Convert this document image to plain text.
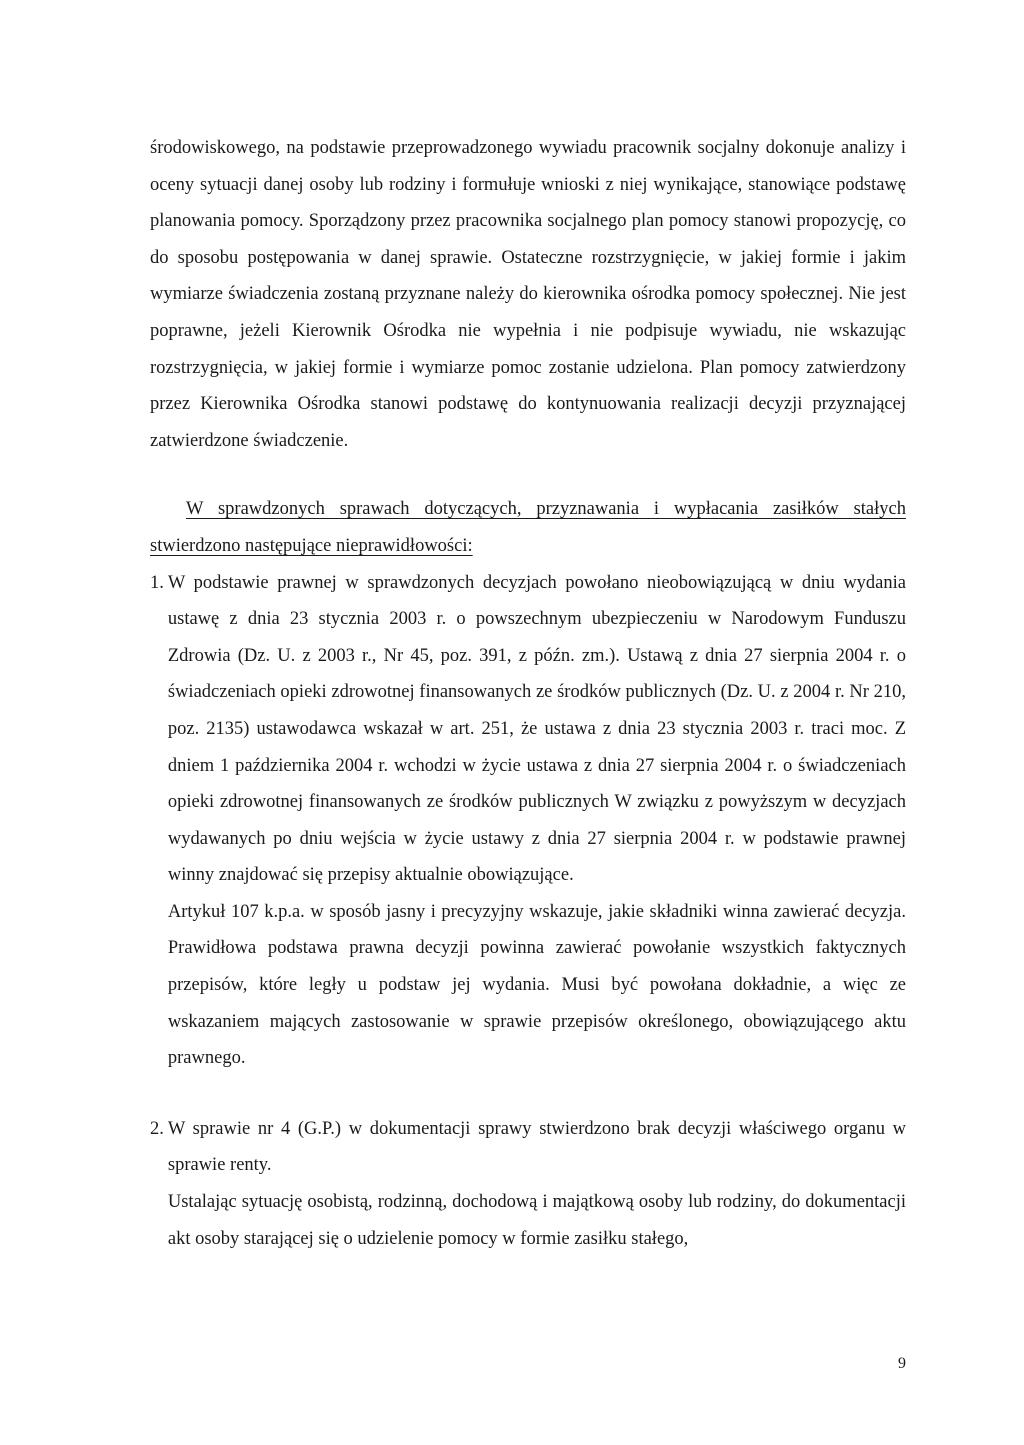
środowiskowego, na podstawie przeprowadzonego wywiadu pracownik socjalny dokonuje analizy i oceny sytuacji danej osoby lub rodziny i formułuje wnioski z niej wynikające, stanowiące podstawę planowania pomocy. Sporządzony przez pracownika socjalnego plan pomocy stanowi propozycję, co do sposobu postępowania w danej sprawie. Ostateczne rozstrzygnięcie, w jakiej formie i jakim wymiarze świadczenia zostaną przyznane należy do kierownika ośrodka pomocy społecznej. Nie jest poprawne, jeżeli Kierownik Ośrodka nie wypełnia i nie podpisuje wywiadu, nie wskazując rozstrzygnięcia, w jakiej formie i wymiarze pomoc zostanie udzielona. Plan pomocy zatwierdzony przez Kierownika Ośrodka stanowi podstawę do kontynuowania realizacji decyzji przyznającej zatwierdzone świadczenie.

W sprawdzonych sprawach dotyczących, przyznawania i wypłacania zasiłków stałych stwierdzono następujące nieprawidłowości:

1. W podstawie prawnej w sprawdzonych decyzjach powołano nieobowiązującą w dniu wydania ustawę z dnia 23 stycznia 2003 r. o powszechnym ubezpieczeniu w Narodowym Funduszu Zdrowia (Dz. U. z 2003 r., Nr 45, poz. 391, z późn. zm.). Ustawą z dnia 27 sierpnia 2004 r. o świadczeniach opieki zdrowotnej finansowanych ze środków publicznych (Dz. U. z 2004 r. Nr 210, poz. 2135) ustawodawca wskazał w art. 251, że ustawa z dnia 23 stycznia 2003 r. traci moc. Z dniem 1 października 2004 r. wchodzi w życie ustawa z dnia 27 sierpnia 2004 r. o świadczeniach opieki zdrowotnej finansowanych ze środków publicznych W związku z powyższym w decyzjach wydawanych po dniu wejścia w życie ustawy z dnia 27 sierpnia 2004 r. w podstawie prawnej winny znajdować się przepisy aktualnie obowiązujące.

Artykuł 107 k.p.a. w sposób jasny i precyzyjny wskazuje, jakie składniki winna zawierać decyzja. Prawidłowa podstawa prawna decyzji powinna zawierać powołanie wszystkich faktycznych przepisów, które legły u podstaw jej wydania. Musi być powołana dokładnie, a więc ze wskazaniem mających zastosowanie w sprawie przepisów określonego, obowiązującego aktu prawnego.

2. W sprawie nr 4 (G.P.) w dokumentacji sprawy stwierdzono brak decyzji właściwego organu w sprawie renty.

Ustalając sytuację osobistą, rodzinną, dochodową i majątkową osoby lub rodziny, do dokumentacji akt osoby starającej się o udzielenie pomocy w formie zasiłku stałego,

9
